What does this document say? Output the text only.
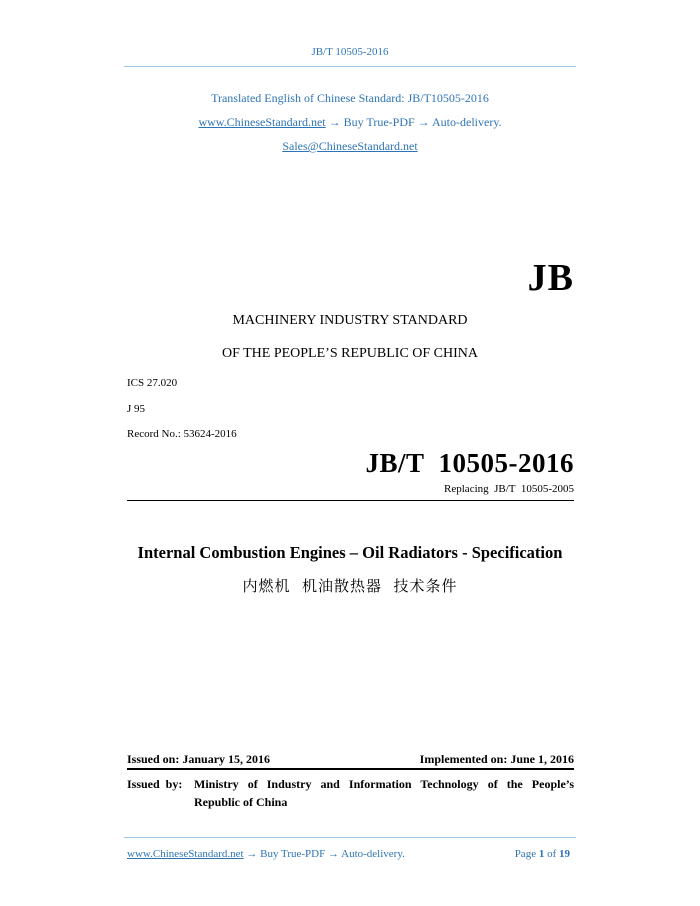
JB/T 10505-2016
Translated English of Chinese Standard: JB/T10505-2016
www.ChineseStandard.net → Buy True-PDF → Auto-delivery.
Sales@ChineseStandard.net
JB
MACHINERY INDUSTRY STANDARD
OF THE PEOPLE’S REPUBLIC OF CHINA
ICS 27.020
J 95
Record No.: 53624-2016
JB/T  10505-2016
Replacing  JB/T  10505-2005
Internal Combustion Engines – Oil Radiators - Specification
内燃机  机油散热器  技术条件
Issued on: January 15, 2016	Implemented on: June 1, 2016
Issued  by: Ministry of Industry and Information Technology of the People’s Republic of China
www.ChineseStandard.net → Buy True-PDF → Auto-delivery.	Page 1 of 19
